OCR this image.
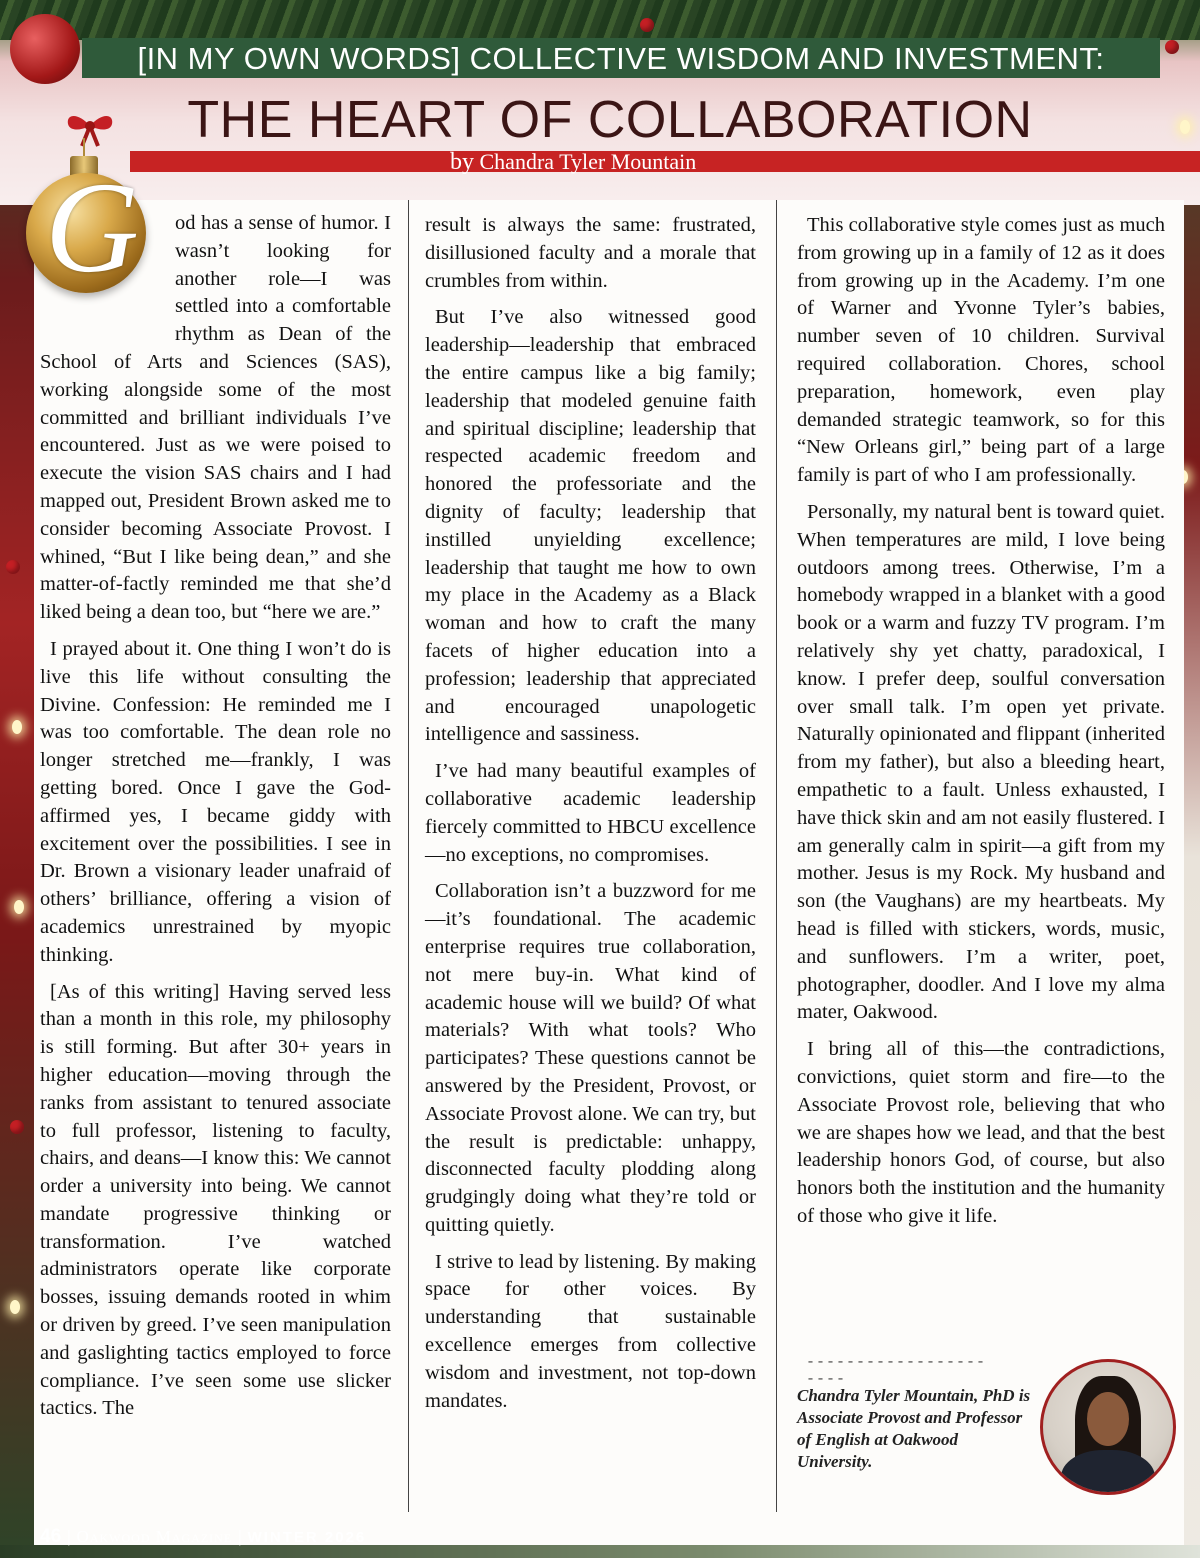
[IN MY OWN WORDS] COLLECTIVE WISDOM AND INVESTMENT:
THE HEART OF COLLABORATION
by Chandra Tyler Mountain
G	od has a sense of humor. I wasn’t looking for another role—I was settled into a comfortable rhythm as Dean of the School of Arts and Sciences (SAS), working alongside some of the most committed and brilliant individuals I’ve encountered. Just as we were poised to execute the vision SAS chairs and I had mapped out, President Brown asked me to consider becoming Associate Provost. I whined, “But I like being dean,” and she matter-of-factly reminded me that she’d liked being a dean too, but “here we are.”

I prayed about it. One thing I won’t do is live this life without consulting the Divine. Confession: He reminded me I was too comfortable. The dean role no longer stretched me—frankly, I was getting bored. Once I gave the God-affirmed yes, I became giddy with excitement over the possibilities. I see in Dr. Brown a visionary leader unafraid of others’ brilliance, offering a vision of academics unrestrained by myopic thinking.

[As of this writing] Having served less than a month in this role, my philosophy is still forming. But after 30+ years in higher education—moving through the ranks from assistant to tenured associate to full professor, listening to faculty, chairs, and deans—I know this: We cannot order a university into being. We cannot mandate progressive thinking or transformation. I’ve watched administrators operate like corporate bosses, issuing demands rooted in whim or driven by greed. I’ve seen manipulation and gaslighting tactics employed to force compliance. I’ve seen some use slicker tactics. The

result is always the same: frustrated, disillusioned faculty and a morale that crumbles from within.

But I’ve also witnessed good leadership—leadership that embraced the entire campus like a big family; leadership that modeled genuine faith and spiritual discipline; leadership that respected academic freedom and honored the professoriate and the dignity of faculty; leadership that instilled unyielding excellence; leadership that taught me how to own my place in the Academy as a Black woman and how to craft the many facets of higher education into a profession; leadership that appreciated and encouraged unapologetic intelligence and sassiness.

I’ve had many beautiful examples of collaborative academic leadership fiercely committed to HBCU excellence—no exceptions, no compromises.

Collaboration isn’t a buzzword for me—it’s foundational. The academic enterprise requires true collaboration, not mere buy-in. What kind of academic house will we build? Of what materials? With what tools? Who participates? These questions cannot be answered by the President, Provost, or Associate Provost alone. We can try, but the result is predictable: unhappy, disconnected faculty plodding along grudgingly doing what they’re told or quitting quietly.

I strive to lead by listening. By making space for other voices. By understanding that sustainable excellence emerges from collective wisdom and investment, not top-down mandates.

This collaborative style comes just as much from growing up in a family of 12 as it does from growing up in the Academy. I’m one of Warner and Yvonne Tyler’s babies, number seven of 10 children. Survival required collaboration. Chores, school preparation, homework, even play demanded strategic teamwork, so for this “New Orleans girl,” being part of a large family is part of who I am professionally.

Personally, my natural bent is toward quiet. When temperatures are mild, I love being outdoors among trees. Otherwise, I’m a homebody wrapped in a blanket with a good book or a warm and fuzzy TV program. I’m relatively shy yet chatty, paradoxical, I know. I prefer deep, soulful conversation over small talk. I’m open yet private. Naturally opinionated and flippant (inherited from my father), but also a bleeding heart, empathetic to a fault. Unless exhausted, I have thick skin and am not easily flustered. I am generally calm in spirit—a gift from my mother. Jesus is my Rock. My husband and son (the Vaughans) are my heartbeats. My head is filled with stickers, words, music, and sunflowers. I’m a writer, poet, photographer, doodler. And I love my alma mater, Oakwood.

I bring all of this—the contradictions, convictions, quiet storm and fire—to the Associate Provost role, believing that who we are shapes how we lead, and that the best leadership honors God, of course, but also honors both the institution and the humanity of those who give it life.

----------------------
Chandra Tyler Mountain, PhD is Associate Provost and Professor of English at Oakwood University.
46 | Oakwood Magazine | WINTER 2026
